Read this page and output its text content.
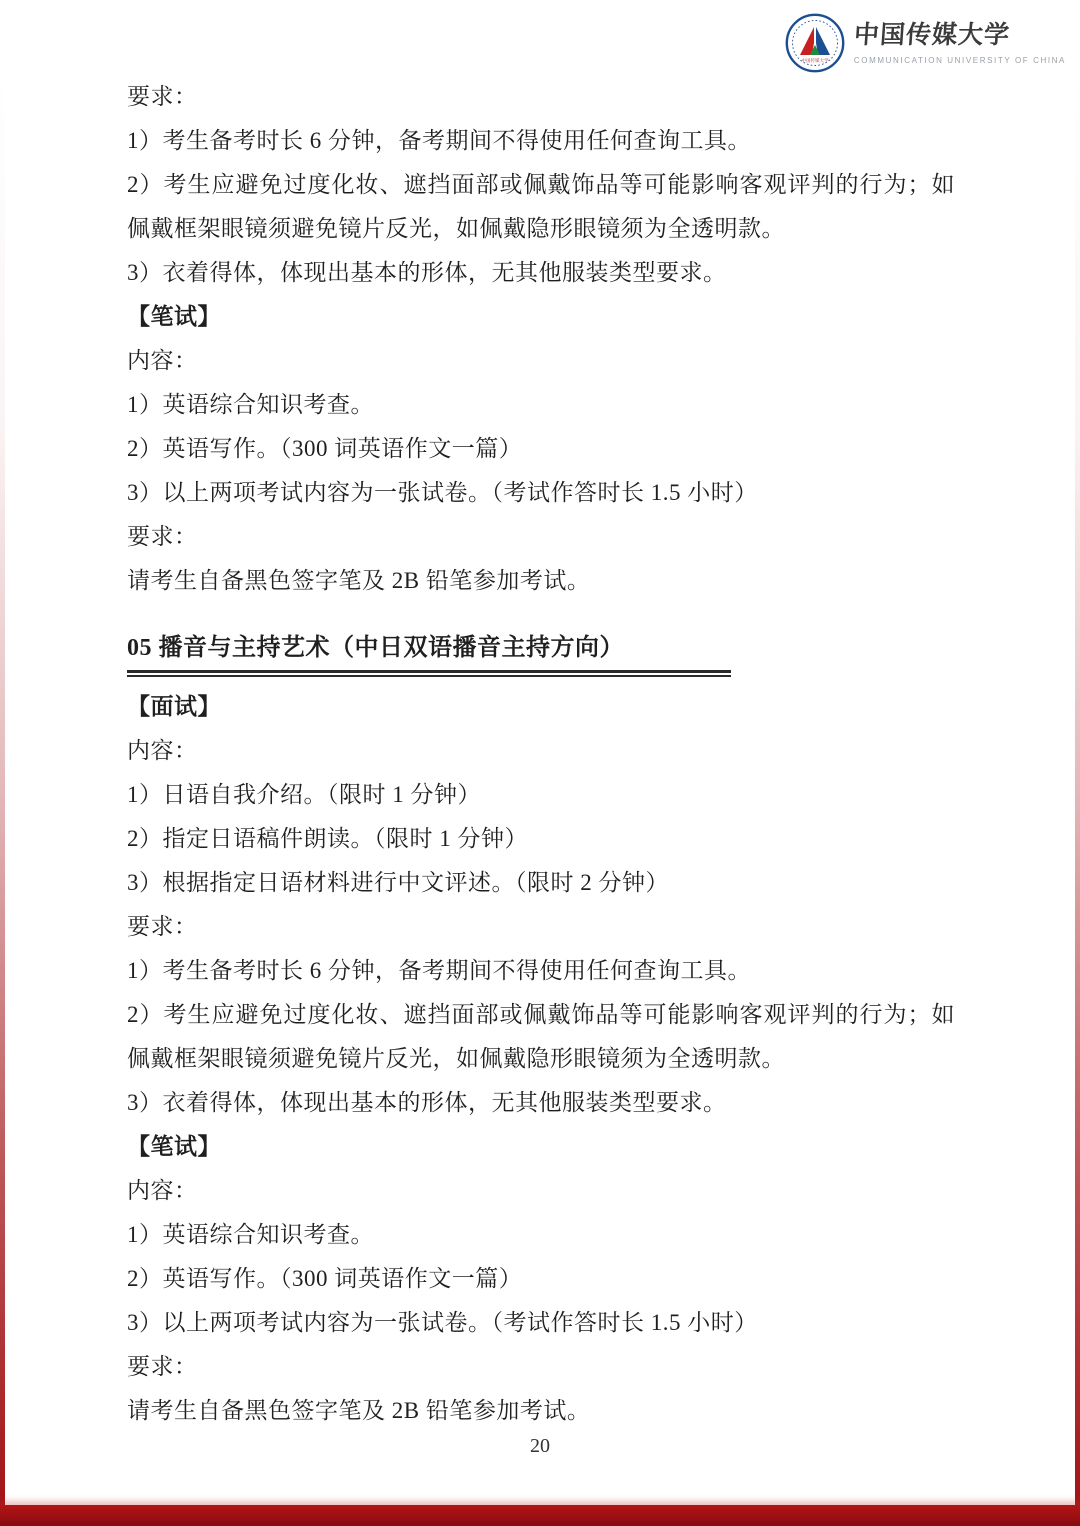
中国传媒大学
中国传媒大学
COMMUNICATION UNIVERSITY OF CHINA

要求：

1）考生备考时长 6 分钟，备考期间不得使用任何查询工具。

2）考生应避免过度化妆、遮挡面部或佩戴饰品等可能影响客观评判的行为；如佩戴框架眼镜须避免镜片反光，如佩戴隐形眼镜须为全透明款。

3）衣着得体，体现出基本的形体，无其他服装类型要求。

【笔试】

内容：

1）英语综合知识考查。

2）英语写作。（300 词英语作文一篇）

3）以上两项考试内容为一张试卷。（考试作答时长 1.5 小时）

要求：

请考生自备黑色签字笔及 2B 铅笔参加考试。

05 播音与主持艺术（中日双语播音主持方向）

【面试】

内容：

1）日语自我介绍。（限时 1 分钟）

2）指定日语稿件朗读。（限时 1 分钟）

3）根据指定日语材料进行中文评述。（限时 2 分钟）

要求：

1）考生备考时长 6 分钟，备考期间不得使用任何查询工具。

2）考生应避免过度化妆、遮挡面部或佩戴饰品等可能影响客观评判的行为；如佩戴框架眼镜须避免镜片反光，如佩戴隐形眼镜须为全透明款。

3）衣着得体，体现出基本的形体，无其他服装类型要求。

【笔试】

内容：

1）英语综合知识考查。

2）英语写作。（300 词英语作文一篇）

3）以上两项考试内容为一张试卷。（考试作答时长 1.5 小时）

要求：

请考生自备黑色签字笔及 2B 铅笔参加考试。

20
